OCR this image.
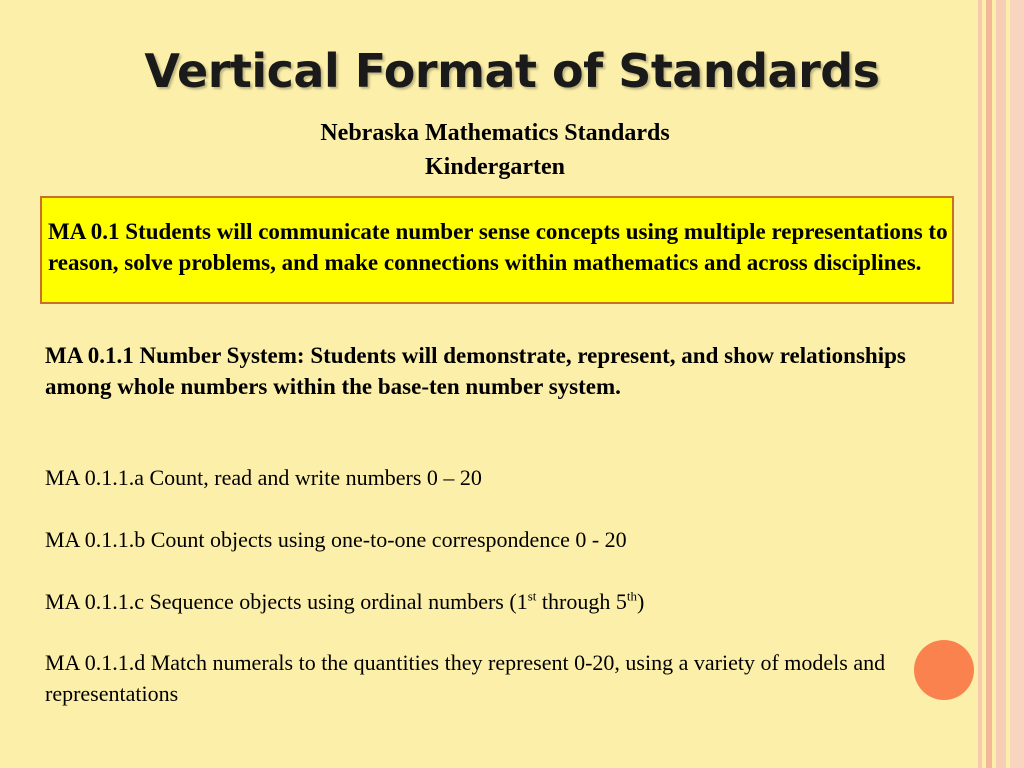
Vertical Format of Standards
Nebraska Mathematics Standards
Kindergarten

MA 0.1 Students will communicate number sense concepts using multiple representations to reason, solve problems, and make connections within mathematics and across disciplines.

MA 0.1.1 Number System: Students will demonstrate, represent, and show relationships among whole numbers within the base-ten number system.

MA 0.1.1.a Count, read and write numbers 0 – 20

MA 0.1.1.b Count objects using one-to-one correspondence 0 - 20

MA 0.1.1.c Sequence objects using ordinal numbers (1st through 5th)

MA 0.1.1.d Match numerals to the quantities they represent 0-20, using a variety of models and representations
